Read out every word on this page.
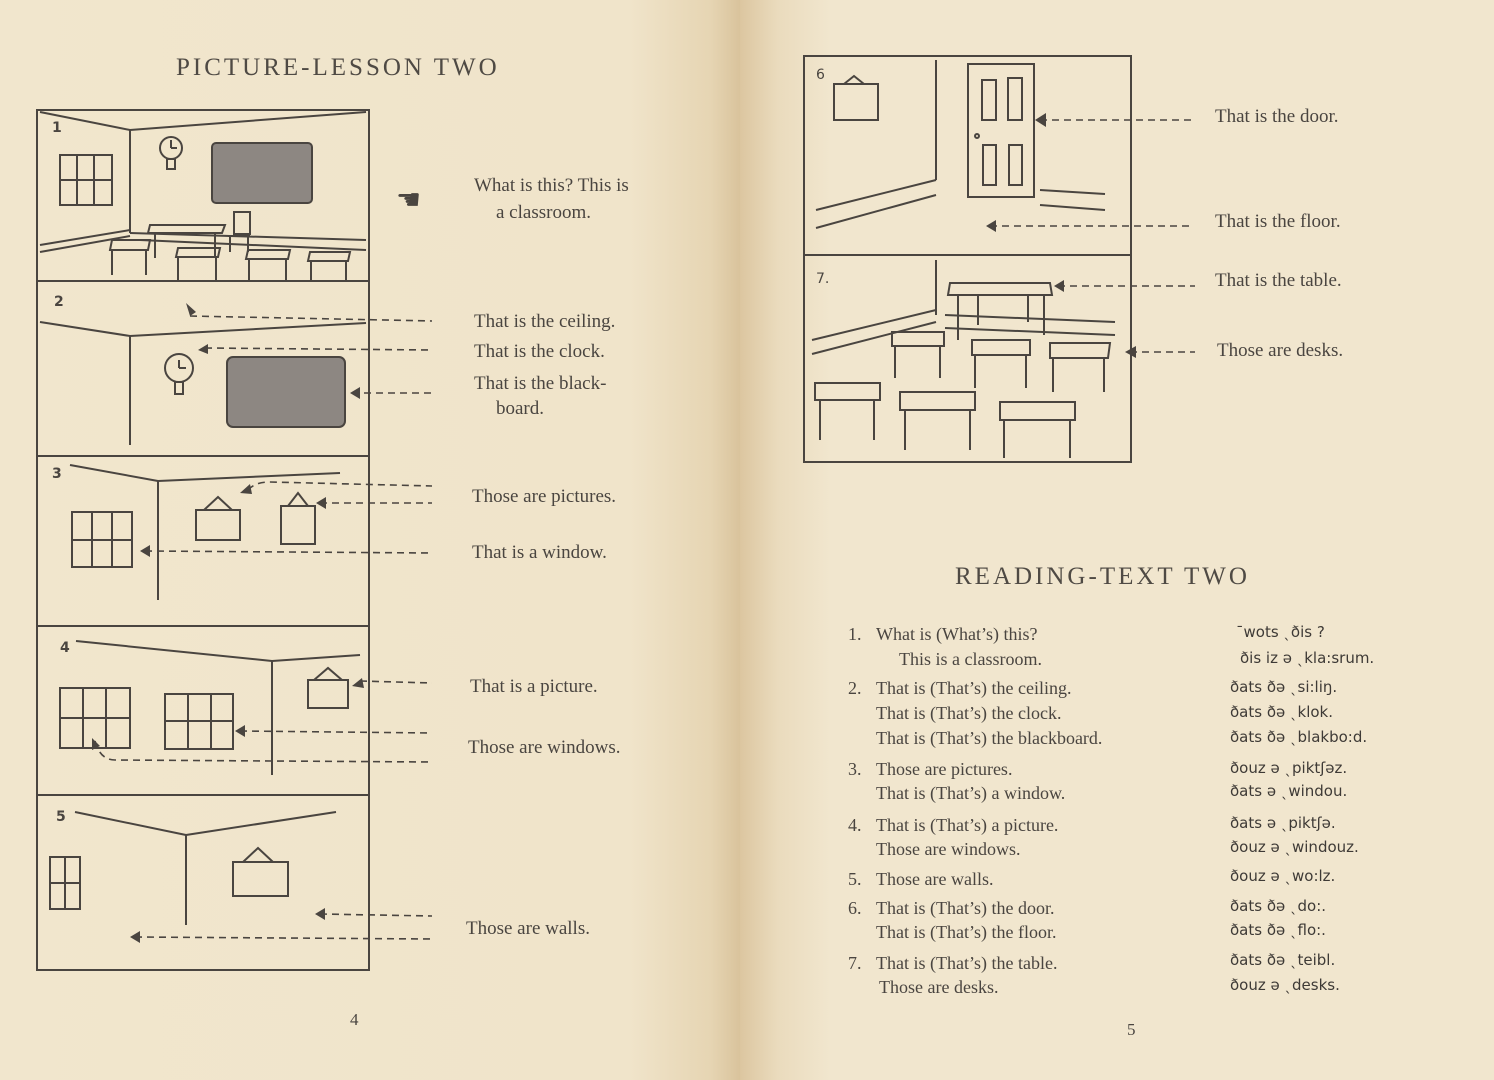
PICTURE-LESSON TWO
1
2
3
4
5
☚	What is this? This is
a classroom.
That is the ceiling.
That is the clock.
That is the black-
board.
Those are pictures.
That is a window.
That is a picture.
Those are windows.
Those are walls.
4
6
7.
That is the door.
That is the floor.
That is the table.
Those are desks.
READING-TEXT TWO
1. What is (What’s) this?	¯wots ˎðis ?
This is a classroom.	ðis iz ə ˎkla:srum.
2. That is (That’s) the ceiling.	ðats ðə ˎsi:liŋ.
That is (That’s) the clock.	ðats ðə ˎklok.
That is (That’s) the blackboard.	ðats ðə ˎblakbo:d.
3. Those are pictures.	ðouz ə ˎpiktʃəz.
That is (That’s) a window.	ðats ə ˎwindou.
4. That is (That’s) a picture.	ðats ə ˎpiktʃə.
Those are windows.	ðouz ə ˎwindouz.
5. Those are walls.	ðouz ə ˎwo:lz.
6. That is (That’s) the door.	ðats ðə ˎdo:.
That is (That’s) the floor.	ðats ðə ˎflo:.
7. That is (That’s) the table.	ðats ðə ˎteibl.
Those are desks.	ðouz ə ˎdesks.
5
